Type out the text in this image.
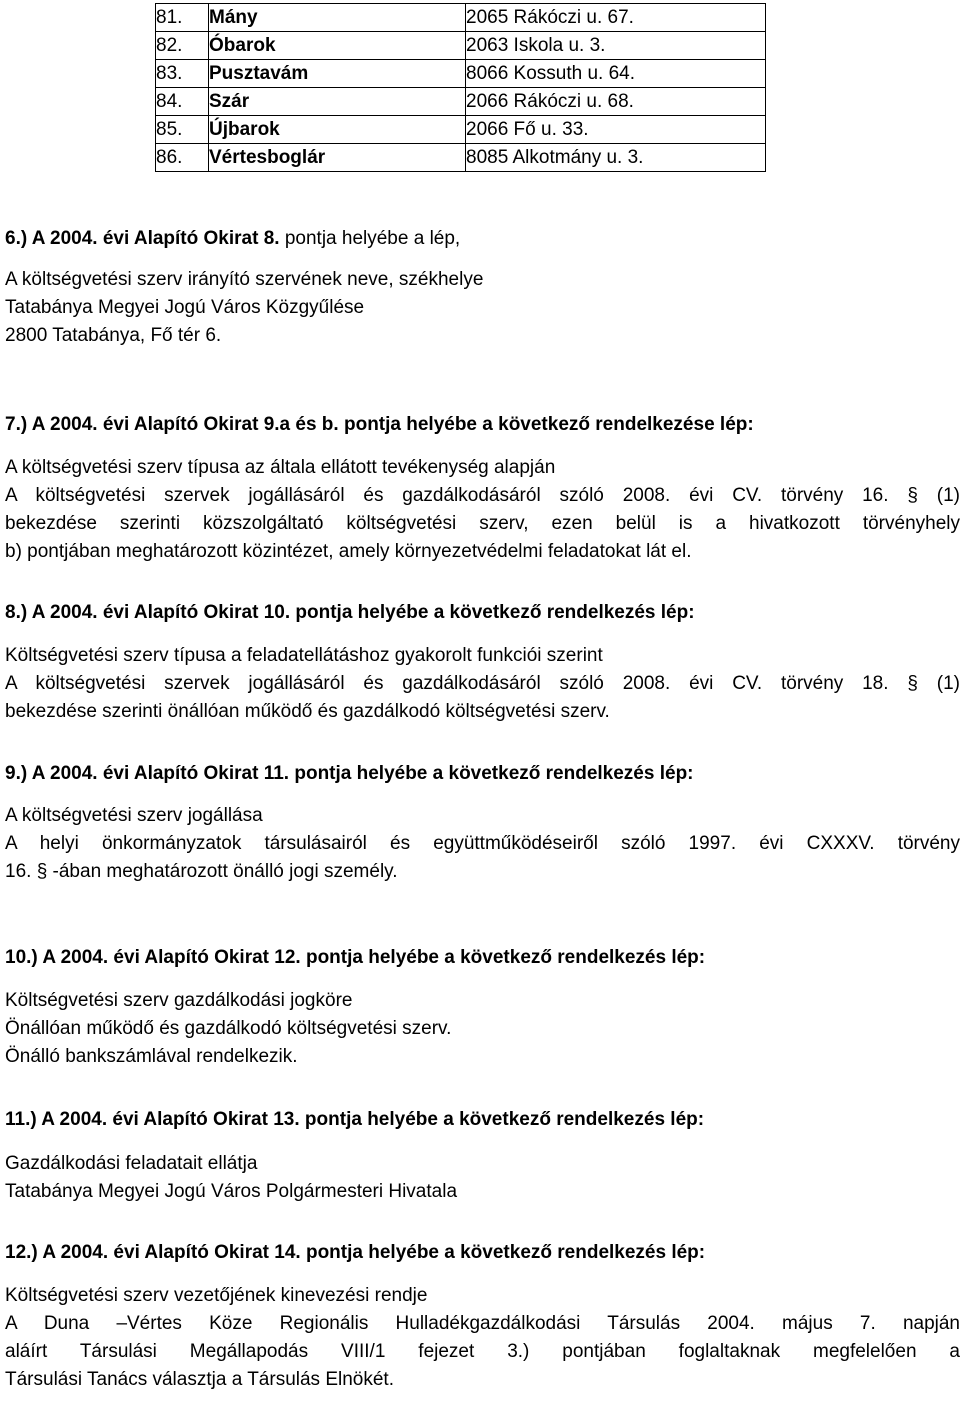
81.	Mány	2065 Rákóczi u. 67.
82.	Óbarok	2063 Iskola u. 3.
83.	Pusztavám	8066 Kossuth u. 64.
84.	Szár	2066 Rákóczi u. 68.
85.	Újbarok	2066 Fő u. 33.
86.	Vértesboglár	8085 Alkotmány u. 3.
6.) A 2004. évi Alapító Okirat 8. pontja helyébe a lép,
A költségvetési szerv irányító szervének neve, székhelye
Tatabánya Megyei Jogú Város Közgyűlése
2800 Tatabánya, Fő tér 6.
7.) A 2004. évi Alapító Okirat 9.a és b. pontja helyébe a következő rendelkezése lép:
A költségvetési szerv típusa az általa ellátott tevékenység alapján
A költségvetési szervek jogállásáról és gazdálkodásáról szóló 2008. évi CV. törvény 16. § (1)
bekezdése szerinti közszolgáltató költségvetési szerv, ezen belül is a hivatkozott törvényhely
b) pontjában meghatározott közintézet, amely környezetvédelmi feladatokat lát el.
8.) A 2004. évi Alapító Okirat 10. pontja helyébe a következő rendelkezés lép:
Költségvetési szerv típusa a feladatellátáshoz gyakorolt funkciói szerint
A költségvetési szervek jogállásáról és gazdálkodásáról szóló 2008. évi CV. törvény 18. § (1)
bekezdése szerinti önállóan működő és gazdálkodó költségvetési szerv.
9.) A 2004. évi Alapító Okirat 11. pontja helyébe a következő rendelkezés lép:
A költségvetési szerv jogállása
A helyi önkormányzatok társulásairól és együttműködéseiről szóló 1997. évi CXXXV. törvény
16. § -ában meghatározott önálló jogi személy.
10.) A 2004. évi Alapító Okirat 12. pontja helyébe a következő rendelkezés lép:
Költségvetési szerv gazdálkodási jogköre
Önállóan működő és gazdálkodó költségvetési szerv.
Önálló bankszámlával rendelkezik.
11.) A 2004. évi Alapító Okirat 13. pontja helyébe a következő rendelkezés lép:
Gazdálkodási feladatait ellátja
Tatabánya Megyei Jogú Város Polgármesteri Hivatala
12.) A 2004. évi Alapító Okirat 14. pontja helyébe a következő rendelkezés lép:
Költségvetési szerv vezetőjének kinevezési rendje
A Duna –Vértes Köze Regionális Hulladékgazdálkodási Társulás 2004. május 7. napján
aláírt Társulási Megállapodás VIII/1 fejezet 3.) pontjában foglaltaknak megfelelően a
Társulási Tanács választja a Társulás Elnökét.
